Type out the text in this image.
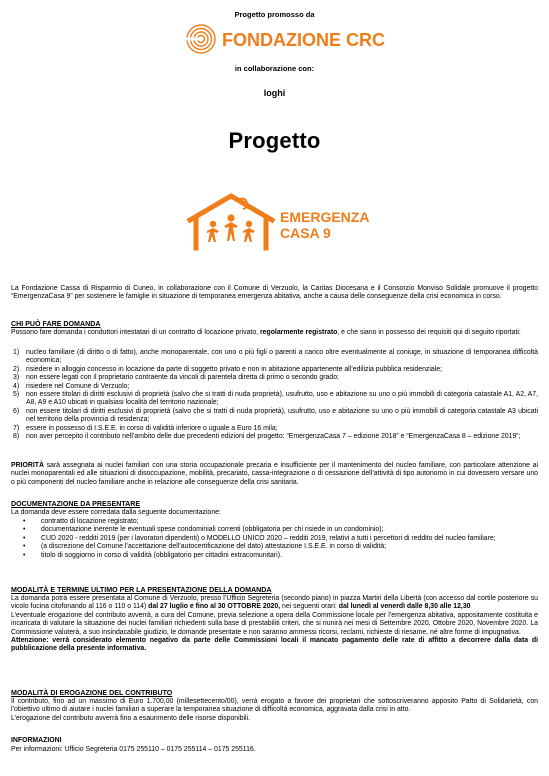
Progetto promosso da
FONDAZIONE CRC
in collaborazione con:
loghi
Progetto
EMERGENZA
CASA 9
La Fondazione Cassa di Risparmio di Cuneo, in collaborazione con il Comune di Verzuolo, la Caritas Diocesana e il Consorzio Monviso Solidale promuove il progetto “EmergenzaCasa 9” per sostenere le famiglie in situazione di temporanea emergenza abitativa, anche a causa delle conseguenze della crisi economica in corso.
CHI PUÒ FARE DOMANDA
Possono fare domanda i conduttori intestatari di un contratto di locazione privato, regolarmente registrato, e che siano in possesso dei requisiti qui di seguito riportati:
1) nucleo familiare (di diritto o di fatto), anche monoparentale, con uno o più figli o parenti a carico oltre eventualmente al coniuge, in situazione di temporanea difficoltà economica;
2) risiedere in alloggio concesso in locazione da parte di soggetto privato e non in abitazione appartenente all’edilizia pubblica residenziale;
3) non essere legati con il proprietario contraente da vincoli di parentela diretta di primo o secondo grado;
4) risiedere nel Comune di Verzuolo;
5) non essere titolari di diritti esclusivi di proprietà (salvo che si tratti di nuda proprietà), usufrutto, uso e abitazione su uno o più immobili di categoria catastale A1, A2, A7, A8, A9 e A10 ubicati in qualsiasi località del territorio nazionale;
6) non essere titolari di diritti esclusivi di proprietà (salvo che si tratti di nuda proprietà), usufrutto, uso e abitazione su uno o più immobili di categoria catastale A3 ubicati nel territorio della provincia di residenza;
7) essere in possesso di I.S.E.E. in corso di validità inferiore o uguale a Euro 16 mila;
8) non aver percepito il contributo nell’ambito delle due precedenti edizioni del progetto: “EmergenzaCasa 7 – edizione 2018” e “EmergenzaCasa 8 – edizione 2019”;
PRIORITÀ sarà assegnata ai nuclei familiari con una storia occupazionale precaria e insufficiente per il mantenimento del nucleo familiare, con particolare attenzione ai nuclei monoparentali ed alle situazioni di disoccupazione, mobilità, precariato, cassa-integrazione o di cessazione dell’attività di tipo autonomo in cui dovessero versare uno o più componenti del nucleo familiare anche in relazione alle conseguenze della crisi sanitaria.
DOCUMENTAZIONE DA PRESENTARE
La domanda deve essere corredata dalla seguente documentazione:
• contratto di locazione registrato;
• documentazione inerente le eventuali spese condominiali correnti (obbligatoria per chi risiede in un condominio);
• CUD 2020 - redditi 2019 (per i lavoratori dipendenti) o MODELLO UNICO 2020 – redditi 2019, relativi a tutti i percettori di reddito del nucleo familiare;
• (a discrezione del Comune l’accettazione dell’autocertificazione del dato) attestazione I.S.E.E. in corso di validità;
• titolo di soggiorno in corso di validità (obbligatorio per cittadini extracomunitari).
MODALITÀ E TERMINE ULTIMO PER LA PRESENTAZIONE DELLA DOMANDA
La domanda potrà essere presentata al Comune di Verzuolo, presso l’Ufficio Segreteria (secondo piano) in piazza Martiri della Libertà (con accesso dal cortile posteriore su vicolo fucina citofonando al 116 o 110 o 114) dal 27 luglio e fino al 30 OTTOBRE 2020, nei seguenti orari: dal lunedì al venerdì dalle 8,30 alle 12,30
L’eventuale erogazione del contributo avverrà, a cura del Comune, previa selezione a opera della Commissione locale per l’emergenza abitativa, appositamente costituita e incaricata di valutare la situazione dei nuclei familiari richiedenti sulla base di prestabiliti criteri, che si riunirà nei mesi di Settembre 2020, Ottobre 2020, Novembre 2020. La Commissione valuterà, a suo insindacabile giudizio, le domande presentate e non saranno ammessi ricorsi, reclami, richieste di riesame, né altre forme di impugnativa.
Attenzione: verrà considerato elemento negativo da parte delle Commissioni locali il mancato pagamento delle rate di affitto a decorrere dalla data di pubblicazione della presente informativa.
MODALITÀ DI EROGAZIONE DEL CONTRIBUTO
Il contributo, fino ad un massimo di Euro 1.700,00 (millesettecento/00), verrà erogato a favore dei proprietari che sottoscriveranno apposito Patto di Solidarietà, con l’obiettivo ultimo di aiutare i nuclei familiari a superare la temporanea situazione di difficoltà economica, aggravata dalla crisi in atto.
L’erogazione del contributo avverrà fino a esaurimento delle risorse disponibili.
INFORMAZIONI
Per informazioni: Ufficio Segreteria 0175 255110 – 0175 255114 – 0175 255116.
